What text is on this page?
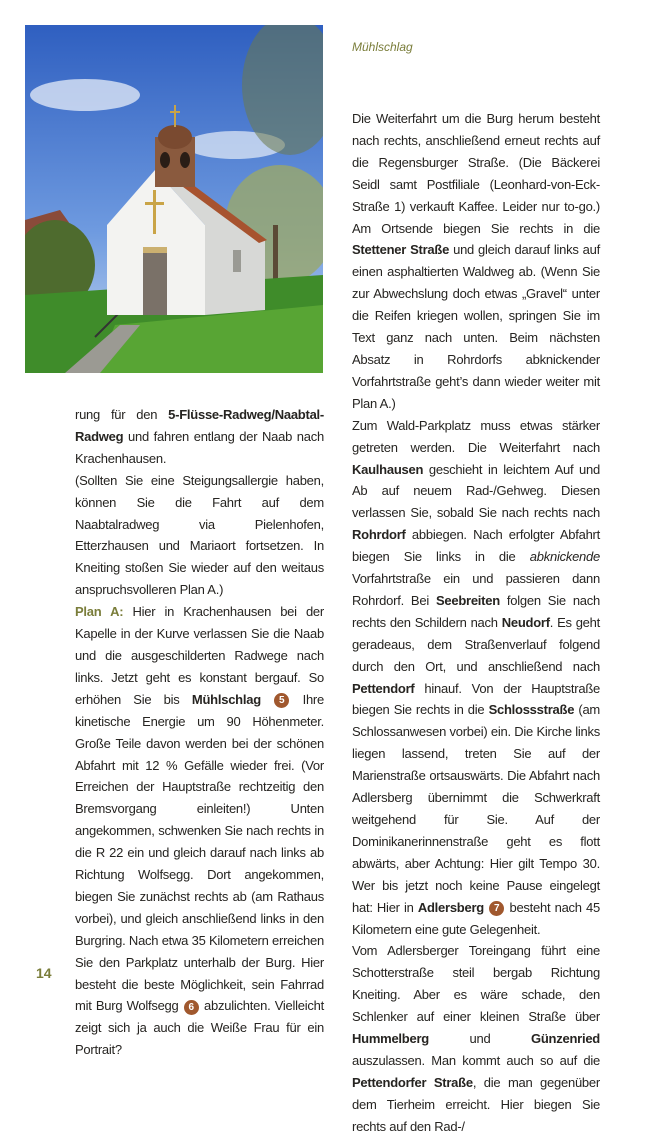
Mühlschlag

rung für den 5-Flüsse-Radweg/Naabtal-Radweg und fahren entlang der Naab nach Krachenhausen.

(Sollten Sie eine Steigungsallergie haben, können Sie die Fahrt auf dem Naabtalradweg via Pielenhofen, Etterzhausen und Mariaort fortsetzen. In Kneiting stoßen Sie wieder auf den weitaus anspruchsvolleren Plan A.)

Plan A: Hier in Krachenhausen bei der Kapelle in der Kurve verlassen Sie die Naab und die ausgeschilderten Radwege nach links. Jetzt geht es konstant bergauf. So erhöhen Sie bis Mühlschlag 5 Ihre kinetische Energie um 90 Höhenmeter. Große Teile davon werden bei der schönen Abfahrt mit 12 % Gefälle wieder frei. (Vor Erreichen der Hauptstraße rechtzeitig den Bremsvorgang einleiten!) Unten angekommen, schwenken Sie nach rechts in die R 22 ein und gleich darauf nach links ab Richtung Wolfsegg. Dort angekommen, biegen Sie zunächst rechts ab (am Rathaus vorbei), und gleich anschließend links in den Burgring. Nach etwa 35 Kilometern erreichen Sie den Parkplatz unterhalb der Burg. Hier besteht die beste Möglichkeit, sein Fahrrad mit Burg Wolfsegg 6 abzulichten. Vielleicht zeigt sich ja auch die Weiße Frau für ein Portrait?

Die Weiterfahrt um die Burg herum besteht nach rechts, anschließend erneut rechts auf die Regensburger Straße. (Die Bäckerei Seidl samt Postfiliale (Leonhard-von-Eck-Straße 1) verkauft Kaffee. Leider nur to-go.) Am Ortsende biegen Sie rechts in die Stettener Straße und gleich darauf links auf einen asphaltierten Waldweg ab. (Wenn Sie zur Abwechslung doch etwas „Gravel“ unter die Reifen kriegen wollen, springen Sie im Text ganz nach unten. Beim nächsten Absatz in Rohrdorfs abknickender Vorfahrtstraße geht’s dann wieder weiter mit Plan A.)

Zum Wald-Parkplatz muss etwas stärker getreten werden. Die Weiterfahrt nach Kaulhausen geschieht in leichtem Auf und Ab auf neuem Rad-/Gehweg. Diesen verlassen Sie, sobald Sie nach rechts nach Rohrdorf abbiegen. Nach erfolgter Abfahrt biegen Sie links in die abknickende Vorfahrtstraße ein und passieren dann Rohrdorf. Bei Seebreiten folgen Sie nach rechts den Schildern nach Neudorf. Es geht geradeaus, dem Straßenverlauf folgend durch den Ort, und anschließend nach Pettendorf hinauf. Von der Hauptstraße biegen Sie rechts in die Schlossstraße (am Schlossanwesen vorbei) ein. Die Kirche links liegen lassend, treten Sie auf der Marienstraße ortsauswärts. Die Abfahrt nach Adlersberg übernimmt die Schwerkraft weitgehend für Sie. Auf der Dominikanerinnenstraße geht es flott abwärts, aber Achtung: Hier gilt Tempo 30. Wer bis jetzt noch keine Pause eingelegt hat: Hier in Adlersberg 7 besteht nach 45 Kilometern eine gute Gelegenheit.

Vom Adlersberger Toreingang führt eine Schotterstraße steil bergab Richtung Kneiting. Aber es wäre schade, den Schlenker auf einer kleinen Straße über Hummelberg und Günzenried auszulassen. Man kommt auch so auf die Pettendorfer Straße, die man gegenüber dem Tierheim erreicht. Hier biegen Sie rechts auf den Rad-/

14
